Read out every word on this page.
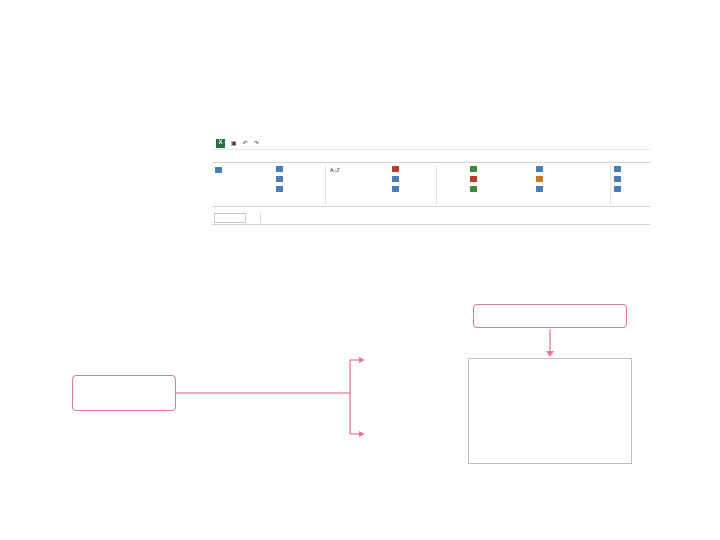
X	▣ ↶ ↷
A↓Z
